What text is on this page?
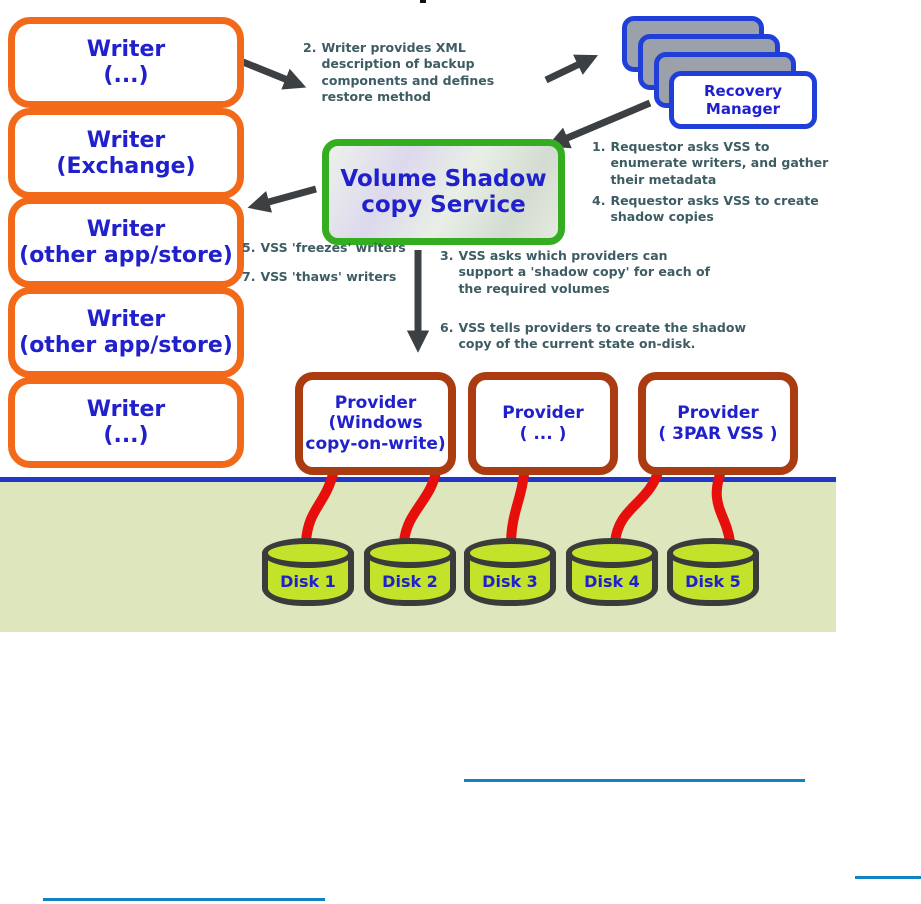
Writer
(...)
Writer
(Exchange)
Writer
(other app/store)
Writer
(other app/store)
Writer
(...)
Recovery
Manager
Volume Shadow
copy Service
Provider
(Windows
copy-on-write)
Provider
( ... )
Provider
( 3PAR VSS )
2. Writer provides XML description of backup components and defines restore method
1. Requestor asks VSS to enumerate writers, and gather their metadata
4. Requestor asks VSS to create shadow copies
5. VSS 'freezes' writers
7. VSS 'thaws' writers
3. VSS asks which providers can support a 'shadow copy' for each of the required volumes
6. VSS tells providers to create the shadow copy of the current state on-disk.
Disk 1	Disk 2	Disk 3	Disk 4	Disk 5
